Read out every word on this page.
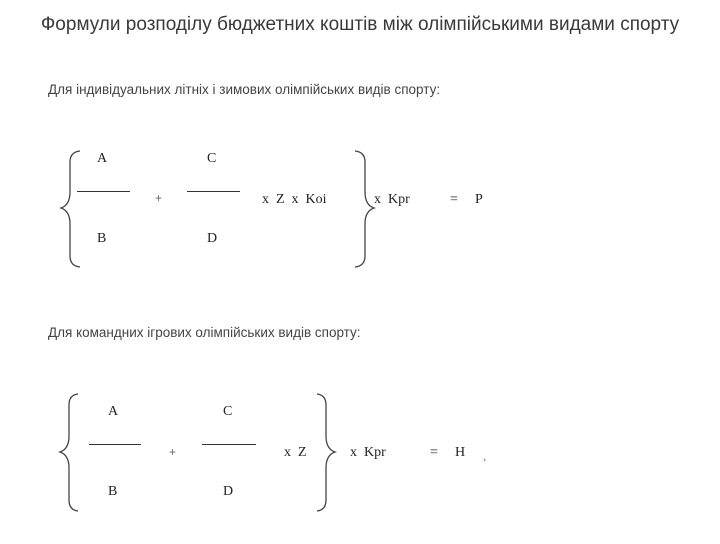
Формули розподілу бюджетних коштів між олімпійськими видами спорту
Для індивідуальних літніх і зимових олімпійських видів спорту:
A
B
+
C
D
x  Z  x  Koi	x  Kpr	= P
Для командних ігрових олімпійських видів спорту:
A
B
+
C
D
x  Z	x  Kpr	= H ,
